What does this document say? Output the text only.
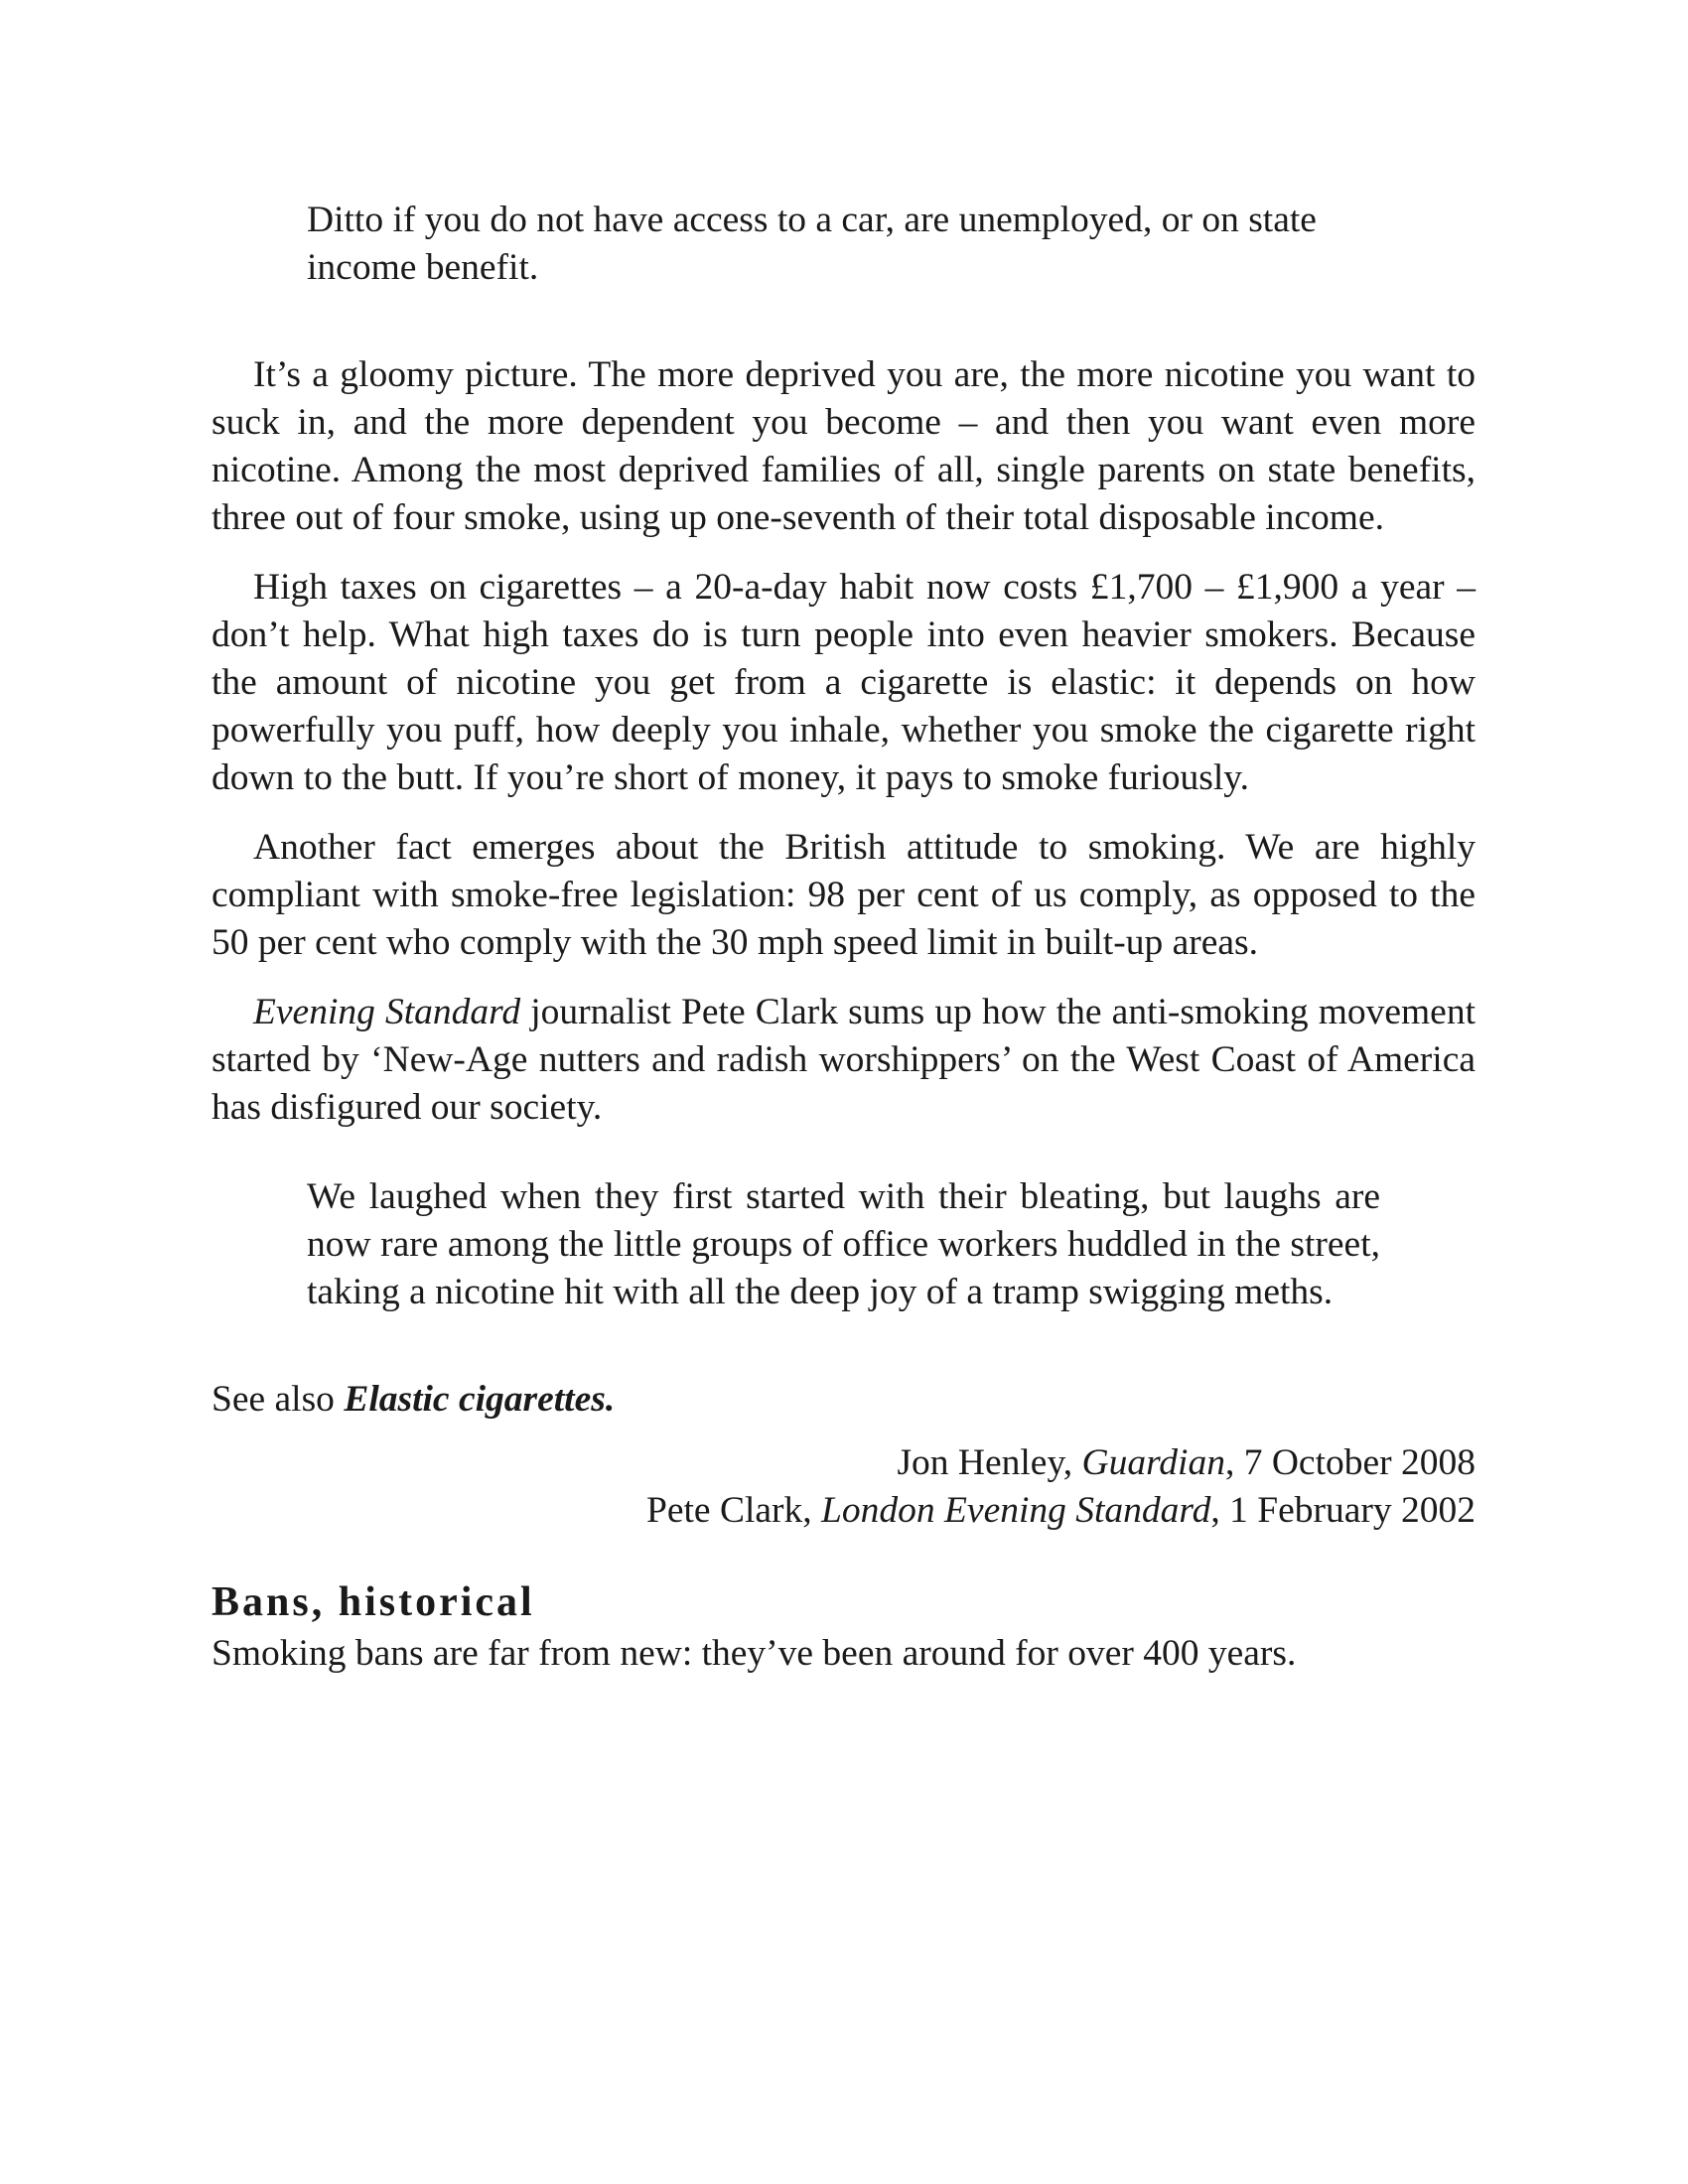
Ditto if you do not have access to a car, are unemployed, or on state income benefit.

It’s a gloomy picture. The more deprived you are, the more nicotine you want to suck in, and the more dependent you become – and then you want even more nicotine. Among the most deprived families of all, single parents on state benefits, three out of four smoke, using up one-seventh of their total disposable income.

High taxes on cigarettes – a 20-a-day habit now costs £1,700 – £1,900 a year – don’t help. What high taxes do is turn people into even heavier smokers. Because the amount of nicotine you get from a cigarette is elastic: it depends on how powerfully you puff, how deeply you inhale, whether you smoke the cigarette right down to the butt. If you’re short of money, it pays to smoke furiously.

Another fact emerges about the British attitude to smoking. We are highly compliant with smoke-free legislation: 98 per cent of us comply, as opposed to the 50 per cent who comply with the 30 mph speed limit in built-up areas.

Evening Standard journalist Pete Clark sums up how the anti-smoking movement started by ‘New-Age nutters and radish worshippers’ on the West Coast of America has disfigured our society.

We laughed when they first started with their bleating, but laughs are now rare among the little groups of office workers huddled in the street, taking a nicotine hit with all the deep joy of a tramp swigging meths.

See also Elastic cigarettes.

Jon Henley, Guardian, 7 October 2008
Pete Clark, London Evening Standard, 1 February 2002
Bans, historical

Smoking bans are far from new: they’ve been around for over 400 years.
